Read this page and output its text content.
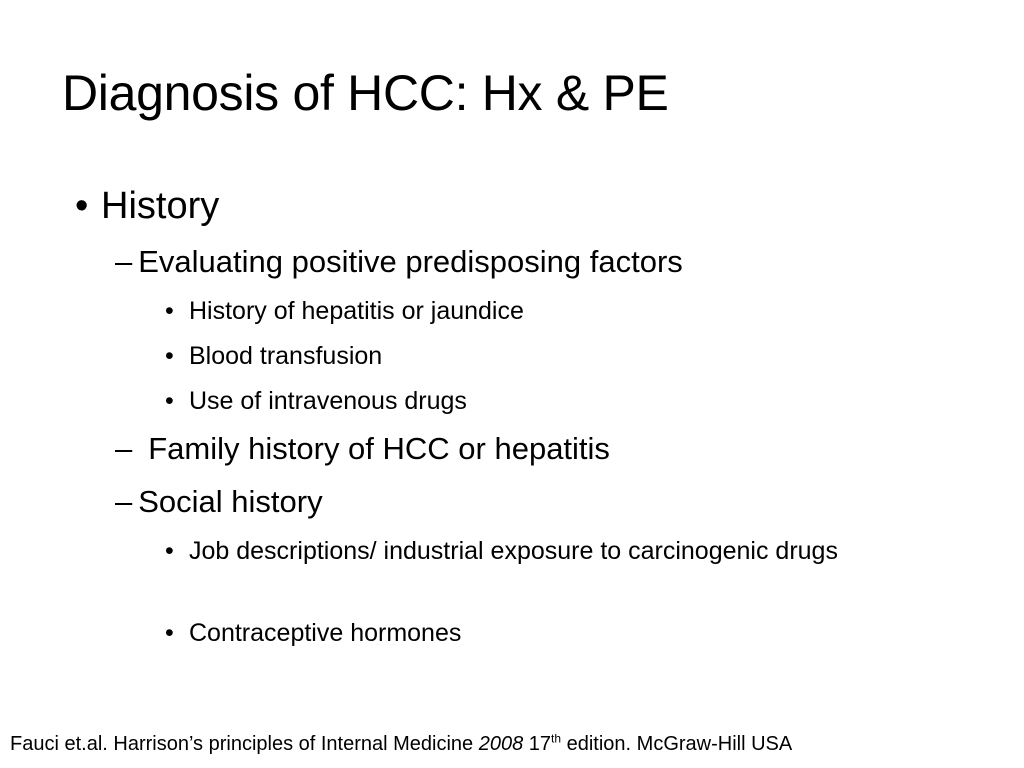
Diagnosis of HCC: Hx & PE
• History
– Evaluating positive predisposing factors
• History of hepatitis or jaundice
• Blood transfusion
• Use of intravenous drugs
– Family history of HCC or hepatitis
– Social history
• Job descriptions/ industrial exposure to carcinogenic drugs
• Contraceptive hormones
Fauci et.al. Harrison’s principles of Internal Medicine 2008 17th edition. McGraw-Hill USA
